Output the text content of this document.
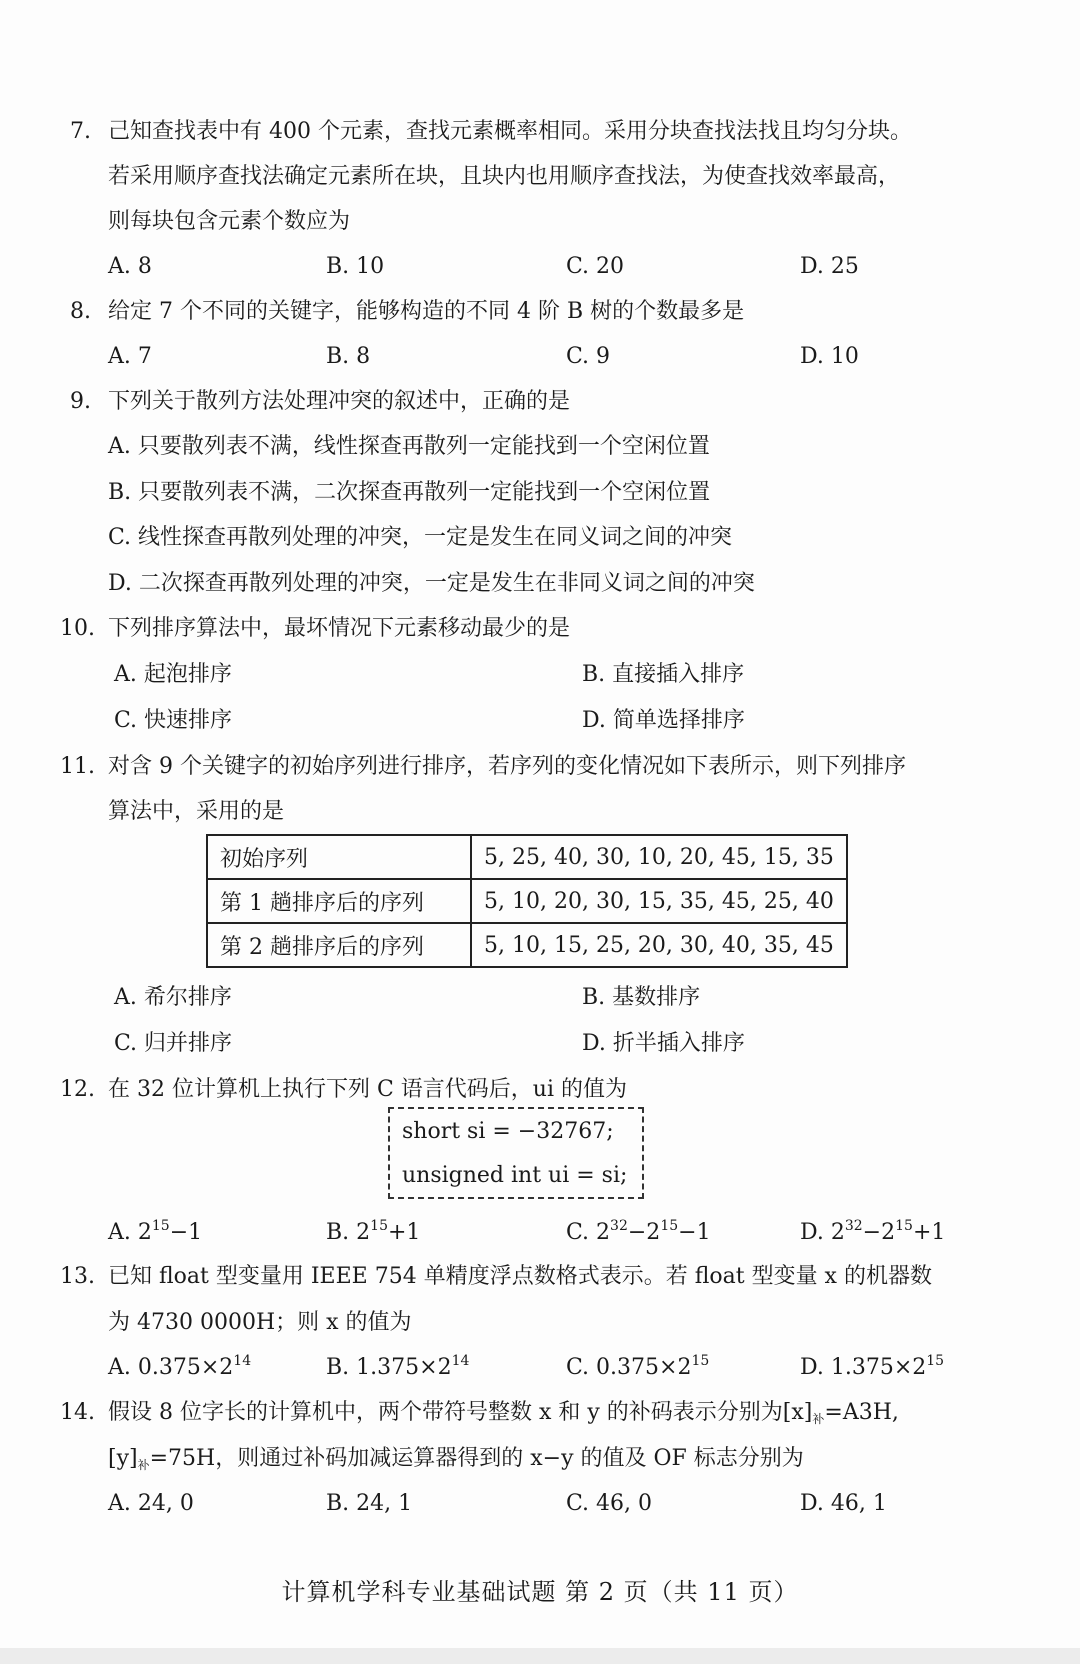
7. 己知查找表中有 400 个元素，查找元素概率相同。采用分块查找法找且均匀分块。
若采用顺序查找法确定元素所在块，且块内也用顺序查找法，为使查找效率最高，
则每块包含元素个数应为
A. 8	B. 10	C. 20	D. 25
8. 给定 7 个不同的关键字，能够构造的不同 4 阶 B 树的个数最多是
A. 7	B. 8	C. 9	D. 10
9. 下列关于散列方法处理冲突的叙述中，正确的是
A. 只要散列表不满，线性探查再散列一定能找到一个空闲位置
B. 只要散列表不满，二次探查再散列一定能找到一个空闲位置
C. 线性探查再散列处理的冲突，一定是发生在同义词之间的冲突
D. 二次探查再散列处理的冲突，一定是发生在非同义词之间的冲突
10. 下列排序算法中，最坏情况下元素移动最少的是
A. 起泡排序	B. 直接插入排序
C. 快速排序	D. 简单选择排序
11. 对含 9 个关键字的初始序列进行排序，若序列的变化情况如下表所示，则下列排序
算法中，采用的是
初始序列	5, 25, 40, 30, 10, 20, 45, 15, 35
第 1 趟排序后的序列	5, 10, 20, 30, 15, 35, 45, 25, 40
第 2 趟排序后的序列	5, 10, 15, 25, 20, 30, 40, 35, 45
A. 希尔排序	B. 基数排序
C. 归并排序	D. 折半插入排序
12. 在 32 位计算机上执行下列 C 语言代码后，ui 的值为
short si = −32767;
unsigned int ui = si;
A. $2^{15}-1$	B. $2^{15}+1$	C. $2^{32}-2^{15}-1$	D. $2^{32}-2^{15}+1$
13. 已知 float 型变量用 IEEE 754 单精度浮点数格式表示。若 float 型变量 x 的机器数
为 4730 0000H；则 x 的值为
A. $0.375\times 2^{14}$	B. $1.375\times 2^{14}$	C. $0.375\times 2^{15}$	D. $1.375\times 2^{15}$
14. 假设 8 位字长的计算机中，两个带符号整数 x 和 y 的补码表示分别为$[x]_补=A3H$,
$[y]_补=75H$，则通过补码加减运算器得到的 x−y 的值及 OF 标志分别为
A. 24, 0	B. 24, 1	C. 46, 0	D. 46, 1
计算机学科专业基础试题 第 2 页（共 11 页）
